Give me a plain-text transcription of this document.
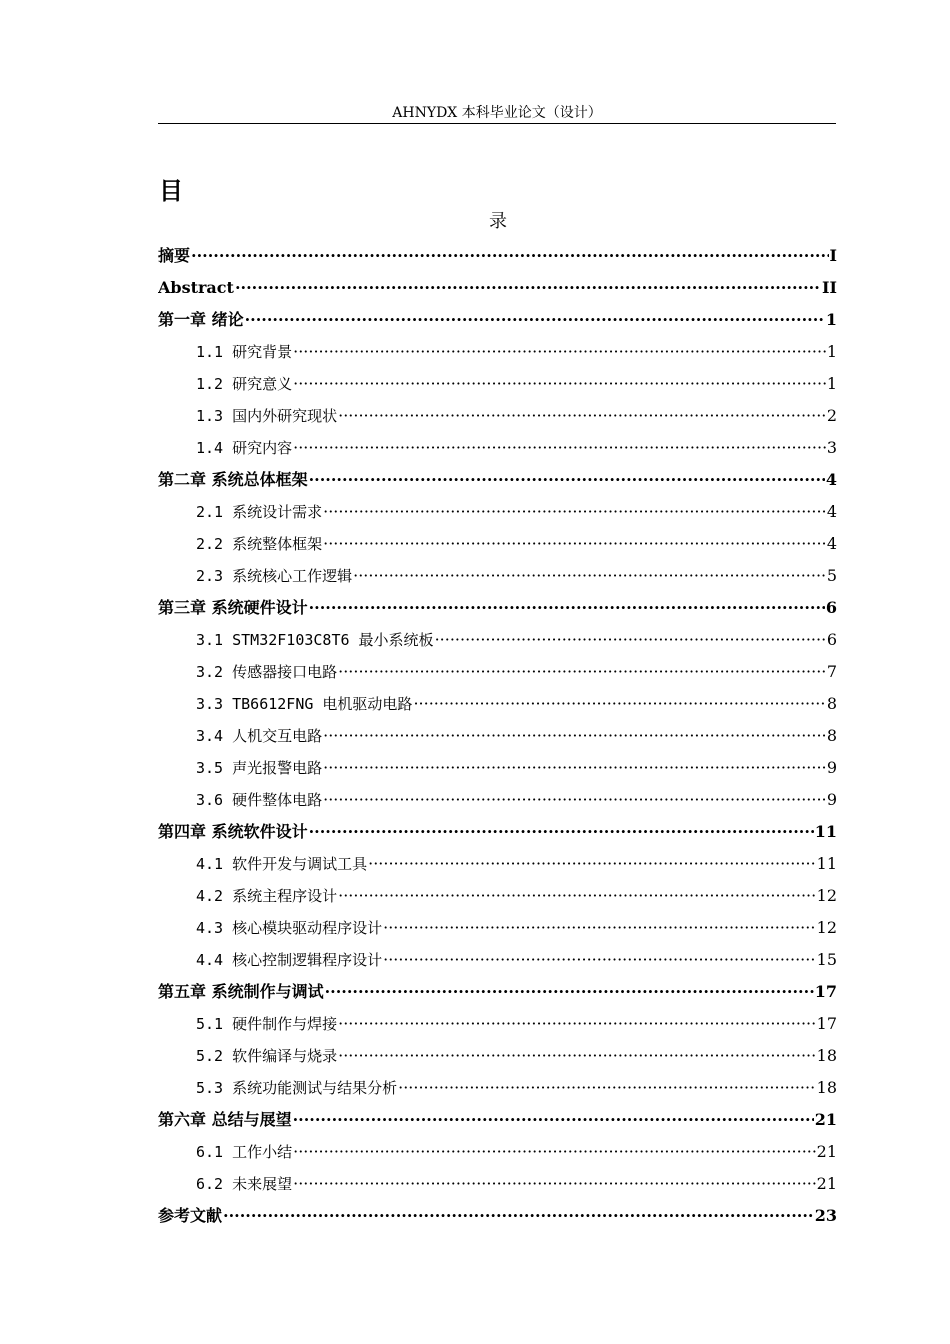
AHNYDX 本科毕业论文（设计）
目
录
摘要 ·····	I
Abstract ·····	II
第一章 绪论 ·····	1
1.1 研究背景 ·····	1
1.2 研究意义 ·····	1
1.3 国内外研究现状 ·····	2
1.4 研究内容 ·····	3
第二章 系统总体框架 ·····	4
2.1 系统设计需求 ·····	4
2.2 系统整体框架 ·····	4
2.3 系统核心工作逻辑 ·····	5
第三章 系统硬件设计 ·····	6
3.1 STM32F103C8T6 最小系统板 ·····	6
3.2 传感器接口电路 ·····	7
3.3 TB6612FNG 电机驱动电路 ·····	8
3.4 人机交互电路 ·····	8
3.5 声光报警电路 ·····	9
3.6 硬件整体电路 ·····	9
第四章 系统软件设计 ·····	11
4.1 软件开发与调试工具 ·····	11
4.2 系统主程序设计 ·····	12
4.3 核心模块驱动程序设计 ·····	12
4.4 核心控制逻辑程序设计 ·····	15
第五章 系统制作与调试 ·····	17
5.1 硬件制作与焊接 ·····	17
5.2 软件编译与烧录 ·····	18
5.3 系统功能测试与结果分析 ·····	18
第六章 总结与展望 ·····	21
6.1 工作小结 ·····	21
6.2 未来展望 ·····	21
参考文献 ·····	23
